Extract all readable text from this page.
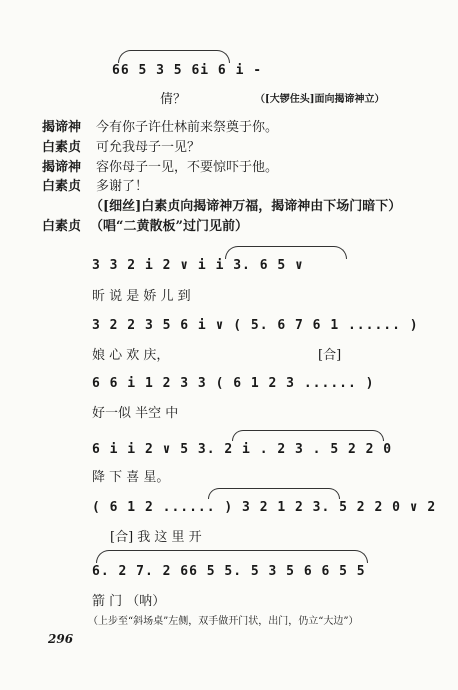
66 5 3 5 6i 6 i -
倩？	（[大锣住头]面向揭谛神立）
揭谛神 今有你子许仕林前来祭奠于你。
白素贞 可允我母子一见？
揭谛神 容你母子一见，不要惊吓于他。
白素贞 多谢了！
（[细丝]白素贞向揭谛神万福，揭谛神由下场门暗下）
白素贞 （唱“二黄散板”过门见前）
3 3 2 i 2 ∨ i i 3. 6 5 ∨
昕 说 是 娇 儿 到
3 2 2 3 5 6 i ∨ ( 5. 6 7 6 1 ...... )
娘 心 欢 庆，	[合]
6 6 i 1 2 3 3 ( 6 1 2 3 ...... )
好一似 半空 中
6 i i 2 ∨ 5 3. 2 i . 2 3 . 5 2 2 0
降 下 喜 星。
( 6 1 2 ...... ) 3 2 1 2 3. 5 2 2 0 ∨ 2
[合] 我 这 里 开
6. 2 7. 2 66 5 5. 5 3 5 6 6 5 5
箭 门 （呐）
（上步至“斜场桌”左侧，双手做开门状，出门，仍立“大边”）
296
